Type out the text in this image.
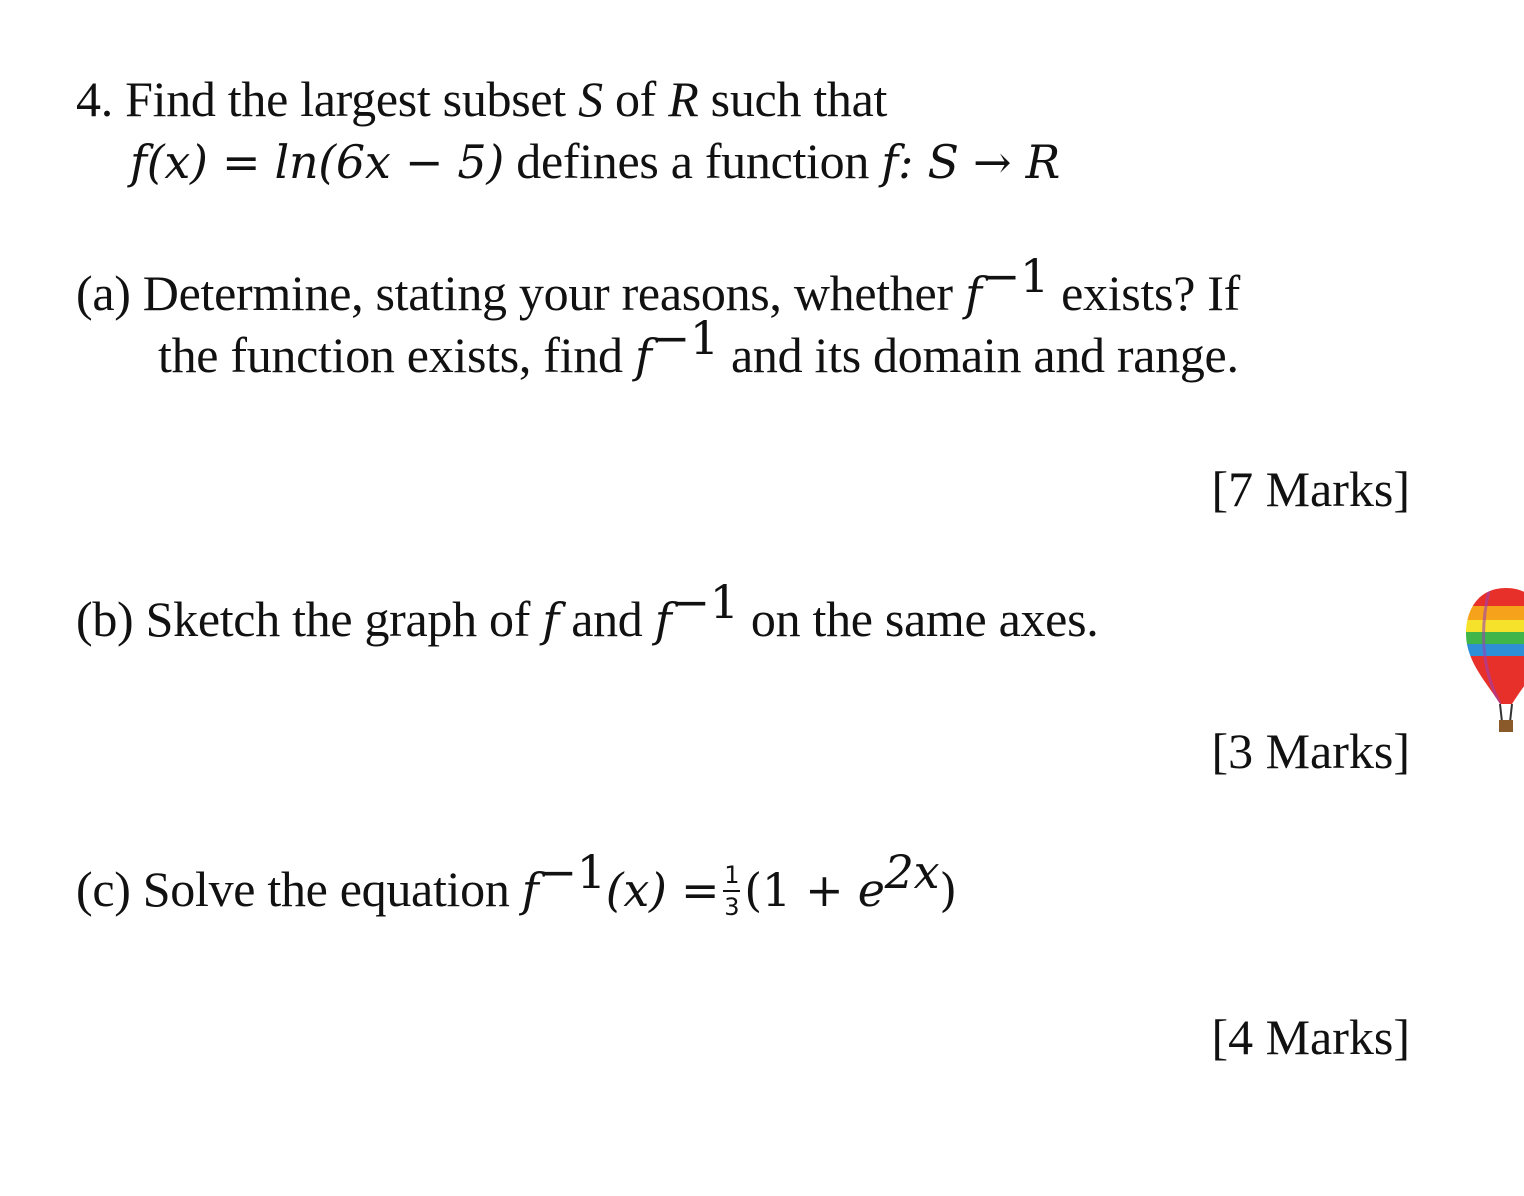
4. Find the largest subset S of R such that
f(x) = ln(6x − 5) defines a function f: S → R
(a) Determine, stating your reasons, whether $f^{-1}$ exists? If
the function exists, find $f^{-1}$ and its domain and range.
[7 Marks]
(b) Sketch the graph of f and $f^{-1}$ on the same axes.
[3 Marks]
(c) Solve the equation $f^{-1}(x) = \frac{1}{3} (1 + e^{2x})$
[4 Marks]
